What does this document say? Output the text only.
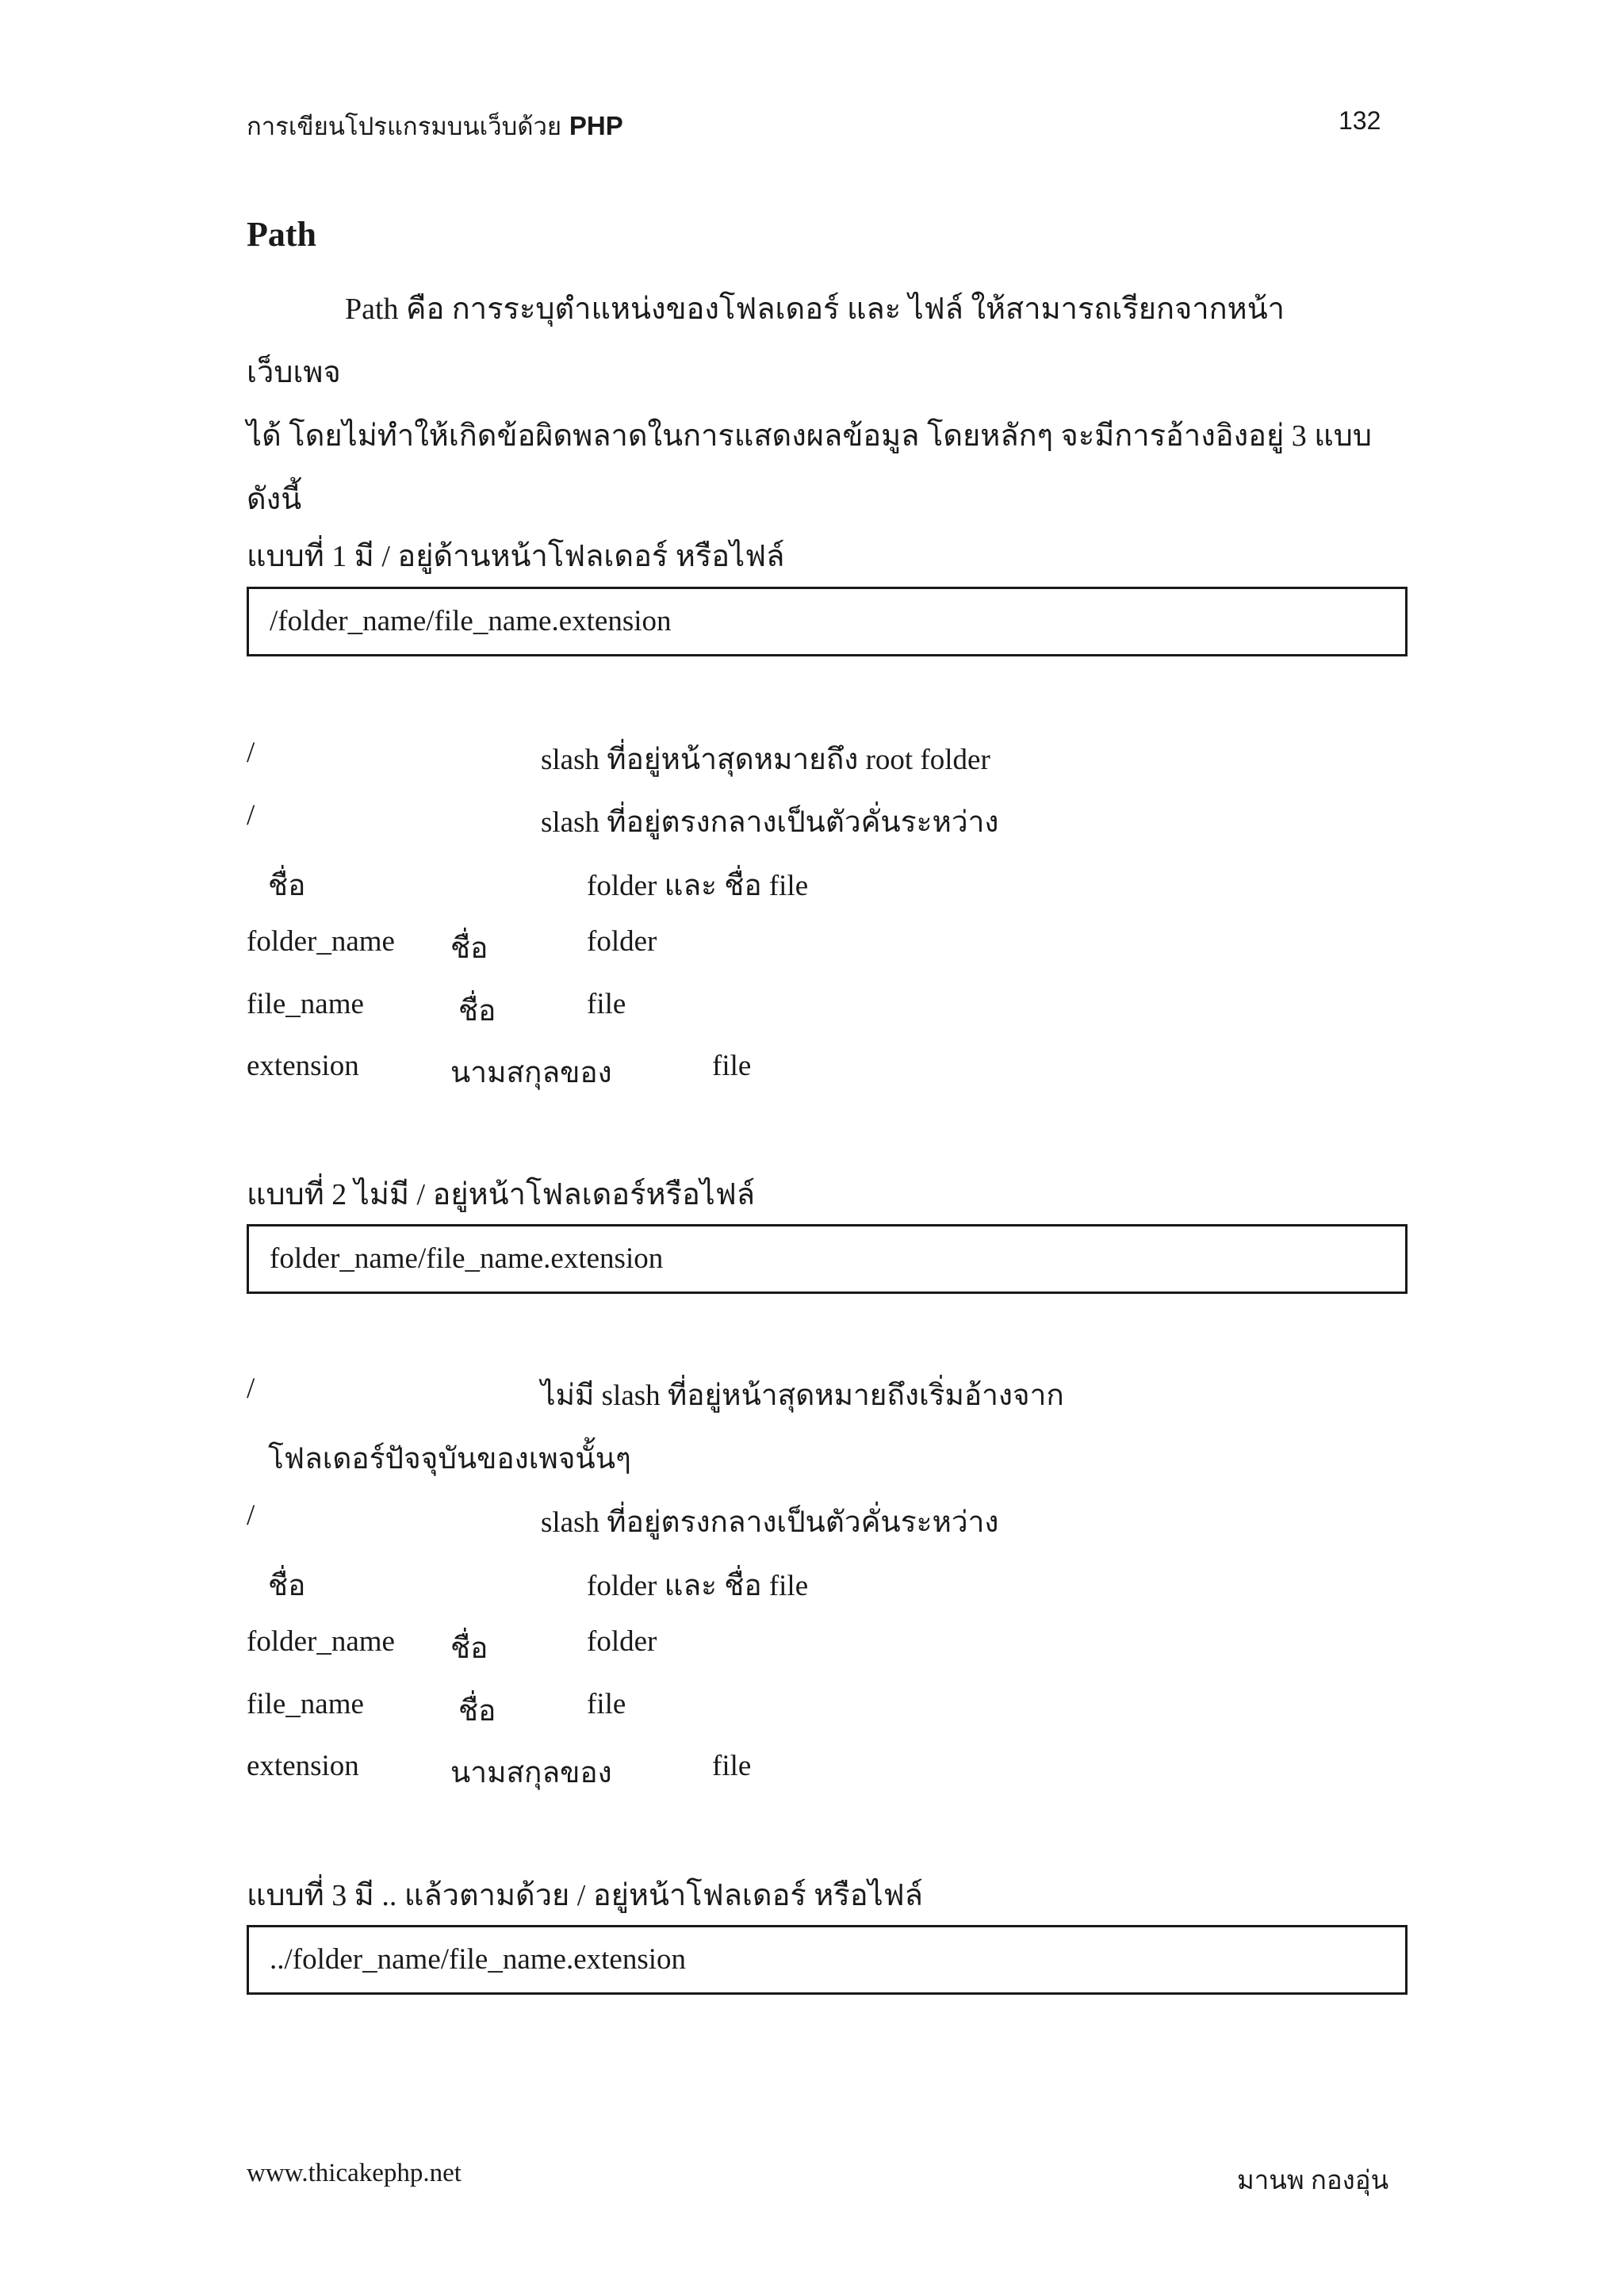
การเขียนโปรแกรมบนเว็บด้วย PHP	132
Path
Path คือ การระบุตำแหน่งของโฟลเดอร์ และ ไฟล์ ให้สามารถเรียกจากหน้าเว็บเพจ
ได้ โดยไม่ทำให้เกิดข้อผิดพลาดในการแสดงผลข้อมูล โดยหลักๆ จะมีการอ้างอิงอยู่ 3 แบบ
ดังนี้
แบบที่ 1 มี / อยู่ด้านหน้าโฟลเดอร์ หรือไฟล์
/folder_name/file_name.extension
/	slash ที่อยู่หน้าสุดหมายถึง root folder
/	slash ที่อยู่ตรงกลางเป็นตัวคั่นระหว่าง
ชื่อ	folder และ ชื่อ file
folder_name ชื่อ	folder
file_name	ชื่อ	file
extension	นามสกุลของ	file
แบบที่ 2 ไม่มี / อยู่หน้าโฟลเดอร์หรือไฟล์
folder_name/file_name.extension
/	ไม่มี slash ที่อยู่หน้าสุดหมายถึงเริ่มอ้างจาก
โฟลเดอร์ปัจจุบันของเพจนั้นๆ
/	slash ที่อยู่ตรงกลางเป็นตัวคั่นระหว่าง
ชื่อ	folder และ ชื่อ file
folder_name ชื่อ	folder
file_name	ชื่อ	file
extension	นามสกุลของ	file
แบบที่ 3 มี .. แล้วตามด้วย / อยู่หน้าโฟลเดอร์ หรือไฟล์
../folder_name/file_name.extension
www.thicakephp.net	มานพ กองอุ่น
